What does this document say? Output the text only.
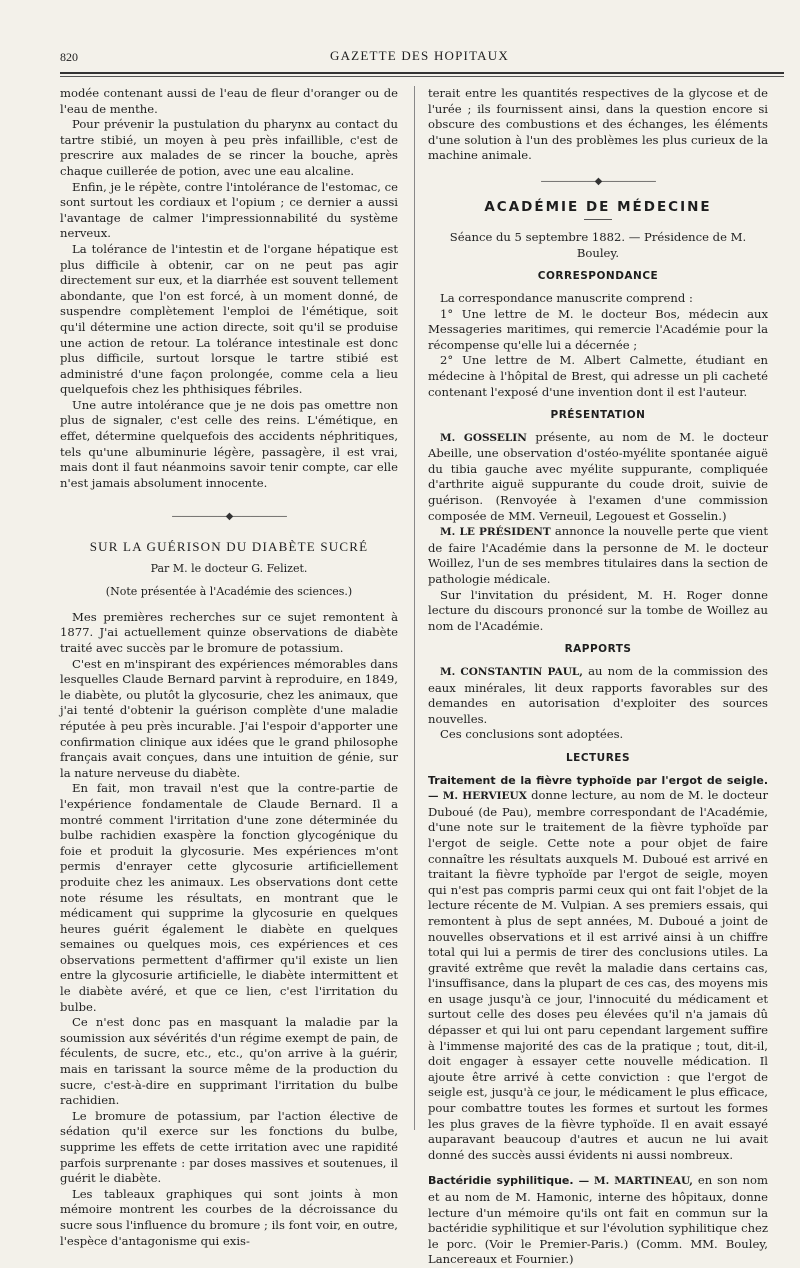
820	GAZETTE DES HOPITAUX

modée contenant aussi de l'eau de fleur d'oranger ou de l'eau de menthe.

Pour prévenir la pustulation du pharynx au contact du tartre stibié, un moyen à peu près infaillible, c'est de prescrire aux malades de se rincer la bouche, après chaque cuillerée de potion, avec une eau alcaline.

Enfin, je le répète, contre l'intolérance de l'estomac, ce sont surtout les cordiaux et l'opium ; ce dernier a aussi l'avantage de calmer l'impressionnabilité du système nerveux.

La tolérance de l'intestin et de l'organe hépatique est plus difficile à obtenir, car on ne peut pas agir directement sur eux, et la diarrhée est souvent tellement abondante, que l'on est forcé, à un moment donné, de suspendre complètement l'emploi de l'émétique, soit qu'il détermine une action directe, soit qu'il se produise une action de retour. La tolérance intestinale est donc plus difficile, surtout lorsque le tartre stibié est administré d'une façon prolongée, comme cela a lieu quelquefois chez les phthisiques fébriles.

Une autre intolérance que je ne dois pas omettre non plus de signaler, c'est celle des reins. L'émétique, en effet, détermine quelquefois des accidents néphritiques, tels qu'une albuminurie légère, passagère, il est vrai, mais dont il faut néanmoins savoir tenir compte, car elle n'est jamais absolument innocente.

——————◆——————
SUR LA GUÉRISON DU DIABÈTE SUCRÉ
Par M. le docteur G. Felizet.
(Note présentée à l'Académie des sciences.)

Mes premières recherches sur ce sujet remontent à 1877. J'ai actuellement quinze observations de diabète traité avec succès par le bromure de potassium.

C'est en m'inspirant des expériences mémorables dans lesquelles Claude Bernard parvint à reproduire, en 1849, le diabète, ou plutôt la glycosurie, chez les animaux, que j'ai tenté d'obtenir la guérison complète d'une maladie réputée à peu près incurable. J'ai l'espoir d'apporter une confirmation clinique aux idées que le grand philosophe français avait conçues, dans une intuition de génie, sur la nature nerveuse du diabète.

En fait, mon travail n'est que la contre-partie de l'expérience fondamentale de Claude Bernard. Il a montré comment l'irritation d'une zone déterminée du bulbe rachidien exaspère la fonction glycogénique du foie et produit la glycosurie. Mes expériences m'ont permis d'enrayer cette glycosurie artificiellement produite chez les animaux. Les observations dont cette note résume les résultats, en montrant que le médicament qui supprime la glycosurie en quelques heures guérit également le diabète en quelques semaines ou quelques mois, ces expériences et ces observations permettent d'affirmer qu'il existe un lien entre la glycosurie artificielle, le diabète intermittent et le diabète avéré, et que ce lien, c'est l'irritation du bulbe.

Ce n'est donc pas en masquant la maladie par la soumission aux sévérités d'un régime exempt de pain, de féculents, de sucre, etc., etc., qu'on arrive à la guérir, mais en tarissant la source même de la production du sucre, c'est-à-dire en supprimant l'irritation du bulbe rachidien.

Le bromure de potassium, par l'action élective de sédation qu'il exerce sur les fonctions du bulbe, supprime les effets de cette irritation avec une rapidité parfois surprenante : par doses massives et soutenues, il guérit le diabète.

Les tableaux graphiques qui sont joints à mon mémoire montrent les courbes de la décroissance du sucre sous l'influence du bromure ; ils font voir, en outre, l'espèce d'antagonisme qui exis-

terait entre les quantités respectives de la glycose et de l'urée ; ils fournissent ainsi, dans la question encore si obscure des combustions et des échanges, les éléments d'une solution à l'un des problèmes les plus curieux de la machine animale.

——————◆——————
ACADÉMIE DE MÉDECINE
Séance du 5 septembre 1882. — Présidence de M. Bouley.
CORRESPONDANCE

La correspondance manuscrite comprend :

1° Une lettre de M. le docteur Bos, médecin aux Messageries maritimes, qui remercie l'Académie pour la récompense qu'elle lui a décernée ;

2° Une lettre de M. Albert Calmette, étudiant en médecine à l'hôpital de Brest, qui adresse un pli cacheté contenant l'exposé d'une invention dont il est l'auteur.

PRÉSENTATION

M. GOSSELIN présente, au nom de M. le docteur Abeille, une observation d'ostéo-myélite spontanée aiguë du tibia gauche avec myélite suppurante, compliquée d'arthrite aiguë suppurante du coude droit, suivie de guérison. (Renvoyée à l'examen d'une commission composée de MM. Verneuil, Legouest et Gosselin.)

M. LE PRÉSIDENT annonce la nouvelle perte que vient de faire l'Académie dans la personne de M. le docteur Woillez, l'un de ses membres titulaires dans la section de pathologie médicale.

Sur l'invitation du président, M. H. Roger donne lecture du discours prononcé sur la tombe de Woillez au nom de l'Académie.

RAPPORTS

M. CONSTANTIN PAUL, au nom de la commission des eaux minérales, lit deux rapports favorables sur des demandes en autorisation d'exploiter des sources nouvelles.

Ces conclusions sont adoptées.

LECTURES

Traitement de la fièvre typhoïde par l'ergot de seigle. — M. HERVIEUX donne lecture, au nom de M. le docteur Duboué (de Pau), membre correspondant de l'Académie, d'une note sur le traitement de la fièvre typhoïde par l'ergot de seigle. Cette note a pour objet de faire connaître les résultats auxquels M. Duboué est arrivé en traitant la fièvre typhoïde par l'ergot de seigle, moyen qui n'est pas compris parmi ceux qui ont fait l'objet de la lecture récente de M. Vulpian. A ses premiers essais, qui remontent à plus de sept années, M. Duboué a joint de nouvelles observations et il est arrivé ainsi à un chiffre total qui lui a permis de tirer des conclusions utiles. La gravité extrême que revêt la maladie dans certains cas, l'insuffisance, dans la plupart de ces cas, des moyens mis en usage jusqu'à ce jour, l'innocuité du médicament et surtout celle des doses peu élevées qu'il n'a jamais dû dépasser et qui lui ont paru cependant largement suffire à l'immense majorité des cas de la pratique ; tout, dit-il, doit engager à essayer cette nouvelle médication. Il ajoute être arrivé à cette conviction : que l'ergot de seigle est, jusqu'à ce jour, le médicament le plus efficace, pour combattre toutes les formes et surtout les formes les plus graves de la fièvre typhoïde. Il en avait essayé auparavant beaucoup d'autres et aucun ne lui avait donné des succès aussi évidents ni aussi nombreux.

Bactéridie syphilitique. — M. MARTINEAU, en son nom et au nom de M. Hamonic, interne des hôpitaux, donne lecture d'un mémoire qu'ils ont fait en commun sur la bactéridie syphilitique et sur l'évolution syphilitique chez le porc. (Voir le Premier-Paris.) (Comm. MM. Bouley, Lancereaux et Fournier.)
